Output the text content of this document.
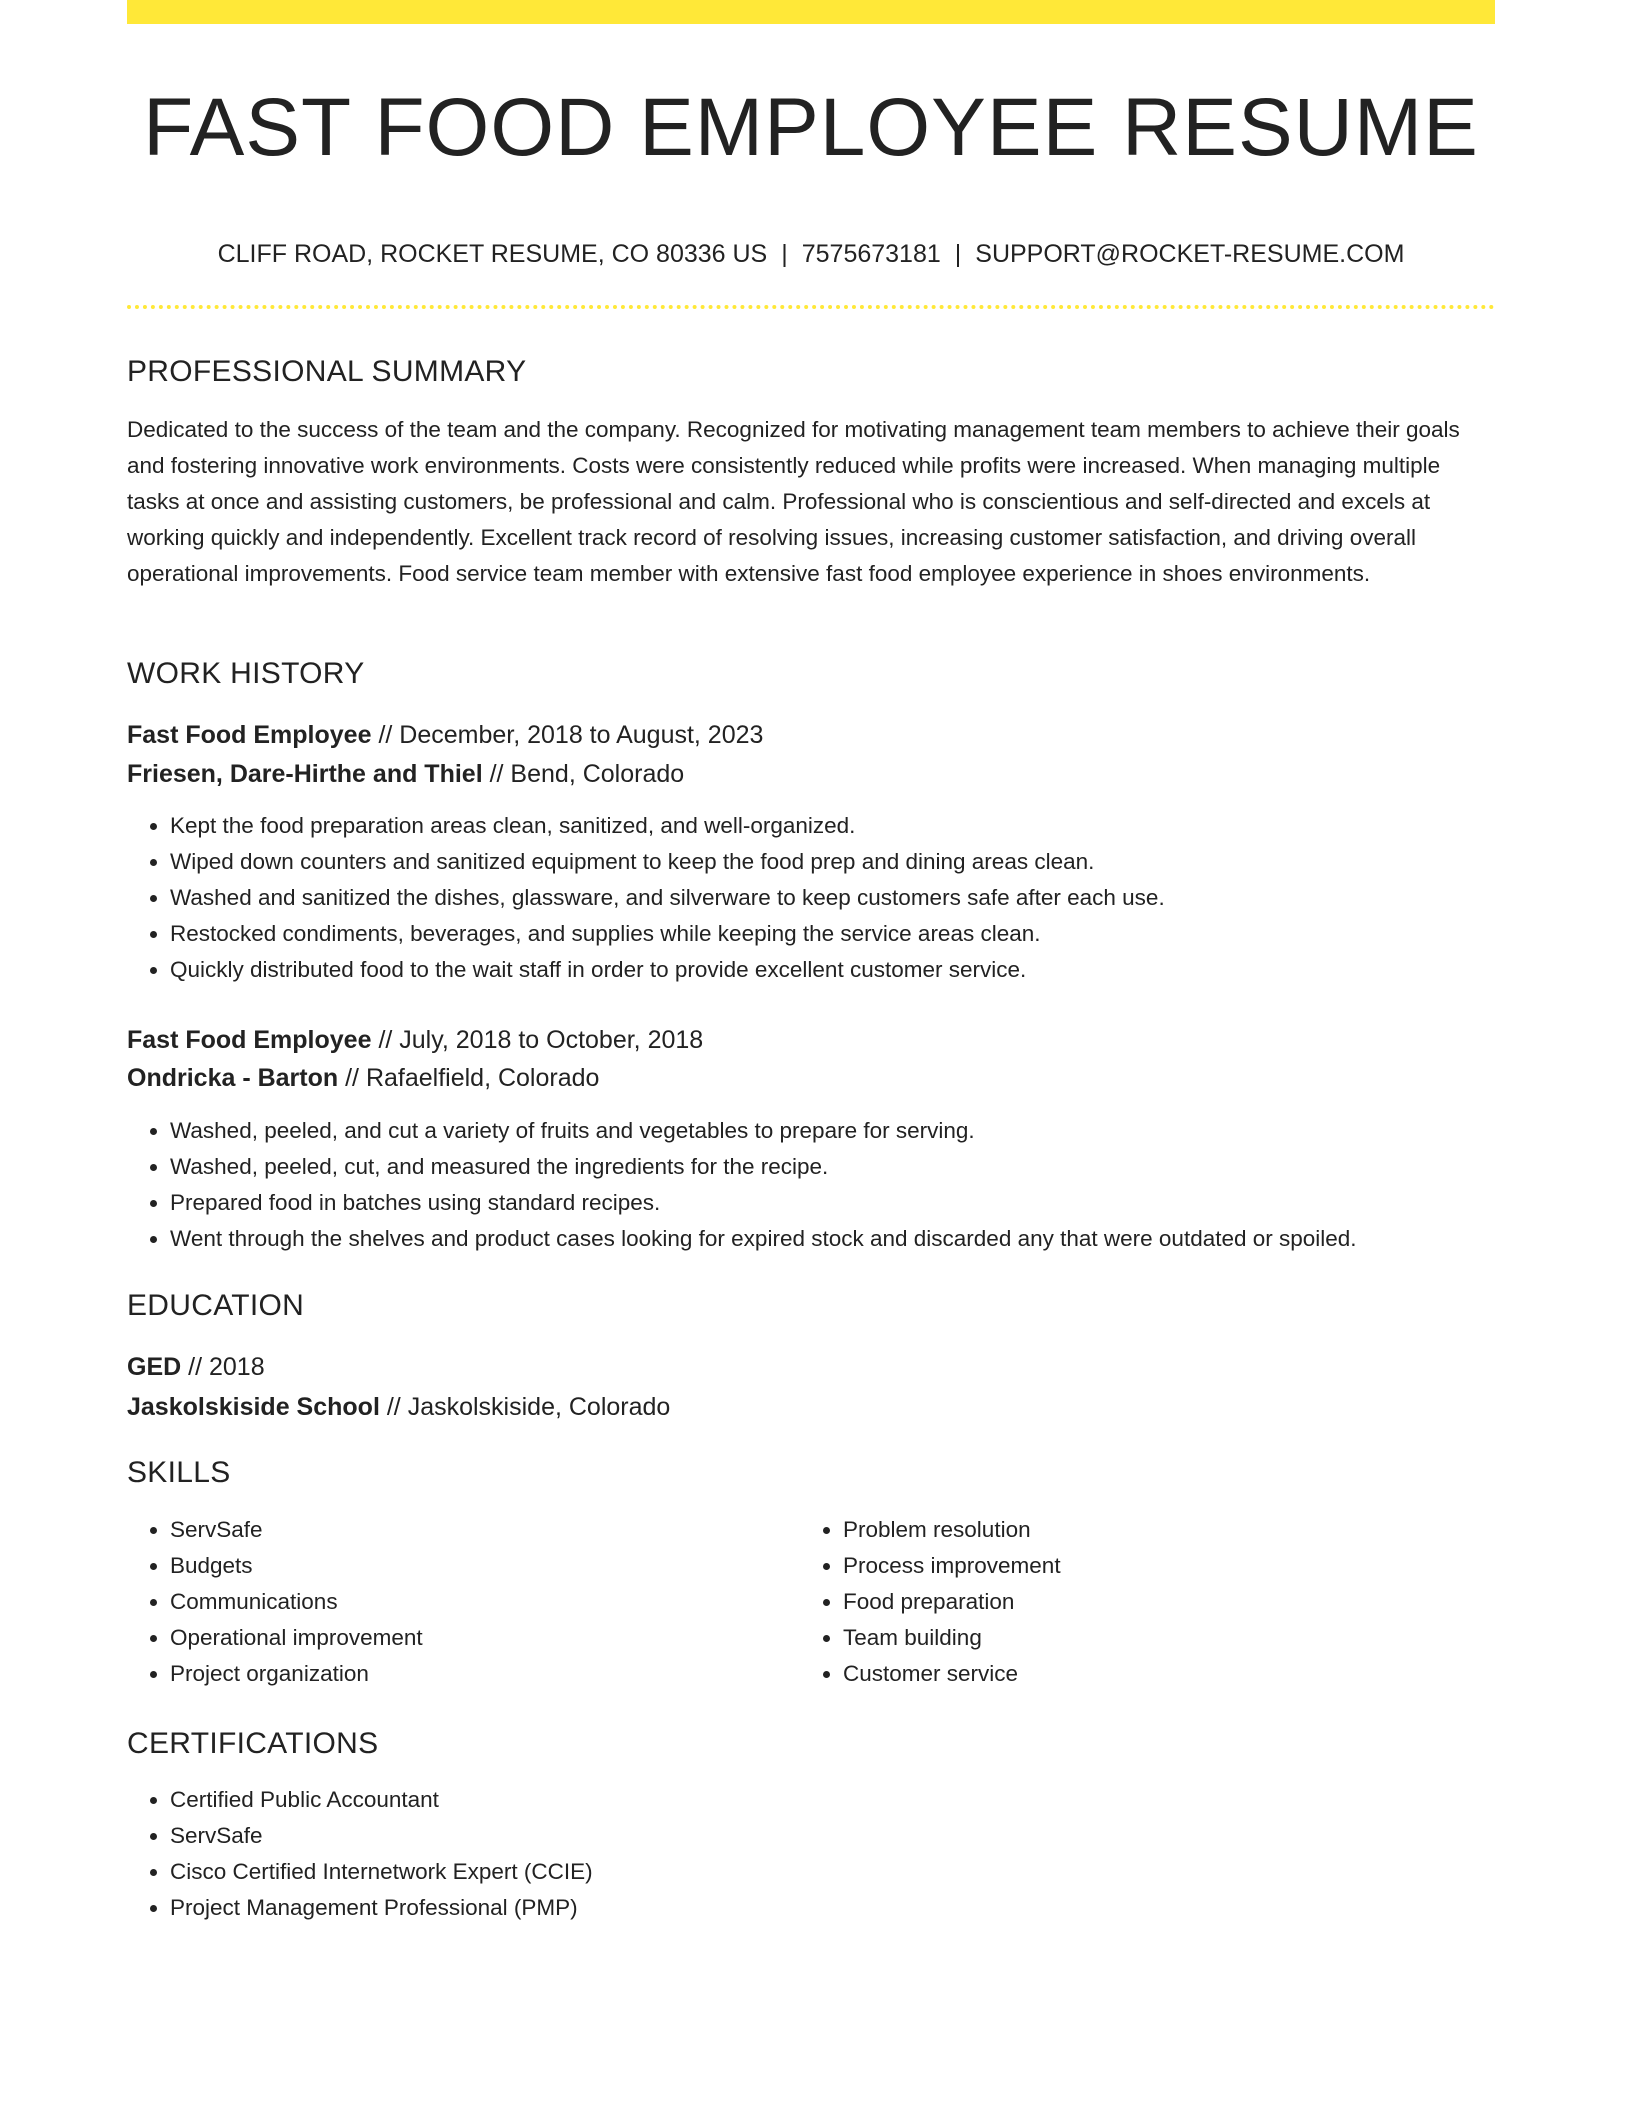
FAST FOOD EMPLOYEE RESUME
CLIFF ROAD, ROCKET RESUME, CO 80336 US | 7575673181 | SUPPORT@ROCKET-RESUME.COM
PROFESSIONAL SUMMARY

Dedicated to the success of the team and the company. Recognized for motivating management team members to achieve their goals and fostering innovative work environments. Costs were consistently reduced while profits were increased. When managing multiple tasks at once and assisting customers, be professional and calm. Professional who is conscientious and self-directed and excels at working quickly and independently. Excellent track record of resolving issues, increasing customer satisfaction, and driving overall operational improvements. Food service team member with extensive fast food employee experience in shoes environments.

WORK HISTORY
Fast Food Employee // December, 2018 to August, 2023
Friesen, Dare-Hirthe and Thiel // Bend, Colorado
• Kept the food preparation areas clean, sanitized, and well-organized.
• Wiped down counters and sanitized equipment to keep the food prep and dining areas clean.
• Washed and sanitized the dishes, glassware, and silverware to keep customers safe after each use.
• Restocked condiments, beverages, and supplies while keeping the service areas clean.
• Quickly distributed food to the wait staff in order to provide excellent customer service.
Fast Food Employee // July, 2018 to October, 2018
Ondricka - Barton // Rafaelfield, Colorado
• Washed, peeled, and cut a variety of fruits and vegetables to prepare for serving.
• Washed, peeled, cut, and measured the ingredients for the recipe.
• Prepared food in batches using standard recipes.
• Went through the shelves and product cases looking for expired stock and discarded any that were outdated or spoiled.
EDUCATION
GED // 2018
Jaskolskiside School // Jaskolskiside, Colorado
SKILLS
• ServSafe
• Budgets
• Communications
• Operational improvement
• Project organization
• Problem resolution
• Process improvement
• Food preparation
• Team building
• Customer service
CERTIFICATIONS
• Certified Public Accountant
• ServSafe
• Cisco Certified Internetwork Expert (CCIE)
• Project Management Professional (PMP)
